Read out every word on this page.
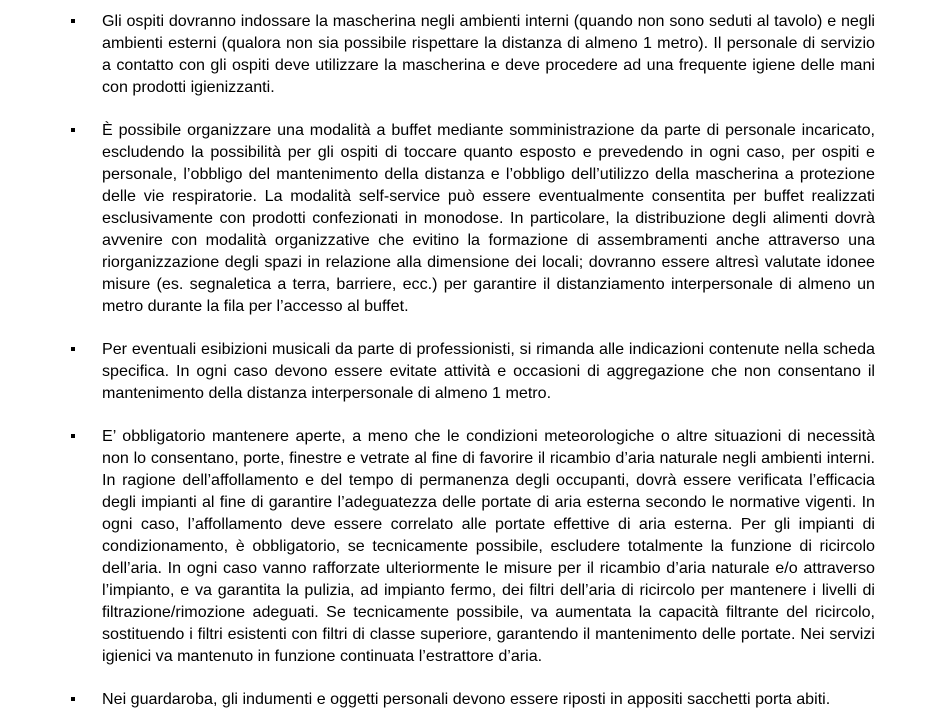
Gli ospiti dovranno indossare la mascherina negli ambienti interni (quando non sono seduti al tavolo) e negli ambienti esterni (qualora non sia possibile rispettare la distanza di almeno 1 metro). Il personale di servizio a contatto con gli ospiti deve utilizzare la mascherina e deve procedere ad una frequente igiene delle mani con prodotti igienizzanti.
È possibile organizzare una modalità a buffet mediante somministrazione da parte di personale incaricato, escludendo la possibilità per gli ospiti di toccare quanto esposto e prevedendo in ogni caso, per ospiti e personale, l’obbligo del mantenimento della distanza e l’obbligo dell’utilizzo della mascherina a protezione delle vie respiratorie. La modalità self-service può essere eventualmente consentita per buffet realizzati esclusivamente con prodotti confezionati in monodose. In particolare, la distribuzione degli alimenti dovrà avvenire con modalità organizzative che evitino la formazione di assembramenti anche attraverso una riorganizzazione degli spazi in relazione alla dimensione dei locali; dovranno essere altresì valutate idonee misure (es. segnaletica a terra, barriere, ecc.) per garantire il distanziamento interpersonale di almeno un metro durante la fila per l’accesso al buffet.
Per eventuali esibizioni musicali da parte di professionisti, si rimanda alle indicazioni contenute nella scheda specifica. In ogni caso devono essere evitate attività e occasioni di aggregazione che non consentano il mantenimento della distanza interpersonale di almeno 1 metro.
E’ obbligatorio mantenere aperte, a meno che le condizioni meteorologiche o altre situazioni di necessità non lo consentano, porte, finestre e vetrate al fine di favorire il ricambio d’aria naturale negli ambienti interni. In ragione dell’affollamento e del tempo di permanenza degli occupanti, dovrà essere verificata l’efficacia degli impianti al fine di garantire l’adeguatezza delle portate di aria esterna secondo le normative vigenti. In ogni caso, l’affollamento deve essere correlato alle portate effettive di aria esterna. Per gli impianti di condizionamento, è obbligatorio, se tecnicamente possibile, escludere totalmente la funzione di ricircolo dell’aria. In ogni caso vanno rafforzate ulteriormente le misure per il ricambio d’aria naturale e/o attraverso l’impianto, e va garantita la pulizia, ad impianto fermo, dei filtri dell’aria di ricircolo per mantenere i livelli di filtrazione/rimozione adeguati. Se tecnicamente possibile, va aumentata la capacità filtrante del ricircolo, sostituendo i filtri esistenti con filtri di classe superiore, garantendo il mantenimento delle portate. Nei servizi igienici va mantenuto in funzione continuata l’estrattore d’aria.
Nei guardaroba, gli indumenti e oggetti personali devono essere riposti in appositi sacchetti porta abiti.
